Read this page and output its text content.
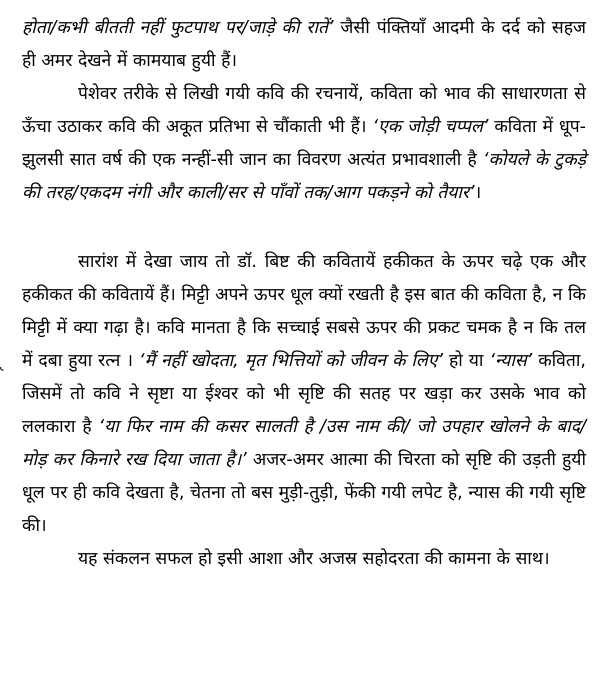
होता/कभी बीतती नहीं फुटपाथ पर/जाड़े की रातें’ जैसी पंक्तियाँ आदमी के दर्द को सहज ही अमर देखने में कामयाब हुयी हैं।

पेशेवर तरीके से लिखी गयी कवि की रचनायें, कविता को भाव की साधारणता से ऊँचा उठाकर कवि की अकूत प्रतिभा से चौंकाती भी हैं। ‘एक जोड़ी चप्पल’ कविता में धूप-झुलसी सात वर्ष की एक नन्हीं-सी जान का विवरण अत्यंत प्रभावशाली है ‘कोयले के टुकड़े की तरह/एकदम नंगी और काली/सर से पाँवों तक/आग पकड़ने को तैयार’।

सारांश में देखा जाय तो डॉ. बिष्ट की कवितायें हकीकत के ऊपर चढ़े एक और हकीकत की कवितायें हैं। मिट्टी अपने ऊपर धूल क्यों रखती है इस बात की कविता है, न कि मिट्टी में क्या गढ़ा है। कवि मानता है कि सच्चाई सबसे ऊपर की प्रकट चमक है न कि तल में दबा हुया रत्न । ‘मैं नहीं खोदता, मृत भित्तियों को जीवन के लिए’ हो या ‘न्यास’ कविता, जिसमें तो कवि ने सृष्टा या ईश्वर को भी सृष्टि की सतह पर खड़ा कर उसके भाव को ललकारा है ‘या फिर नाम की कसर सालती है /उस नाम की/ जो उपहार खोलने के बाद/मोड़ कर किनारे रख दिया जाता है।’ अजर-अमर आत्मा की चिरता को सृष्टि की उड़ती हुयी धूल पर ही कवि देखता है, चेतना तो बस मुड़ी-तुड़ी, फेंकी गयी लपेट है, न्यास की गयी सृष्टि की।

यह संकलन सफल हो इसी आशा और अजस्र सहोदरता की कामना के साथ।
